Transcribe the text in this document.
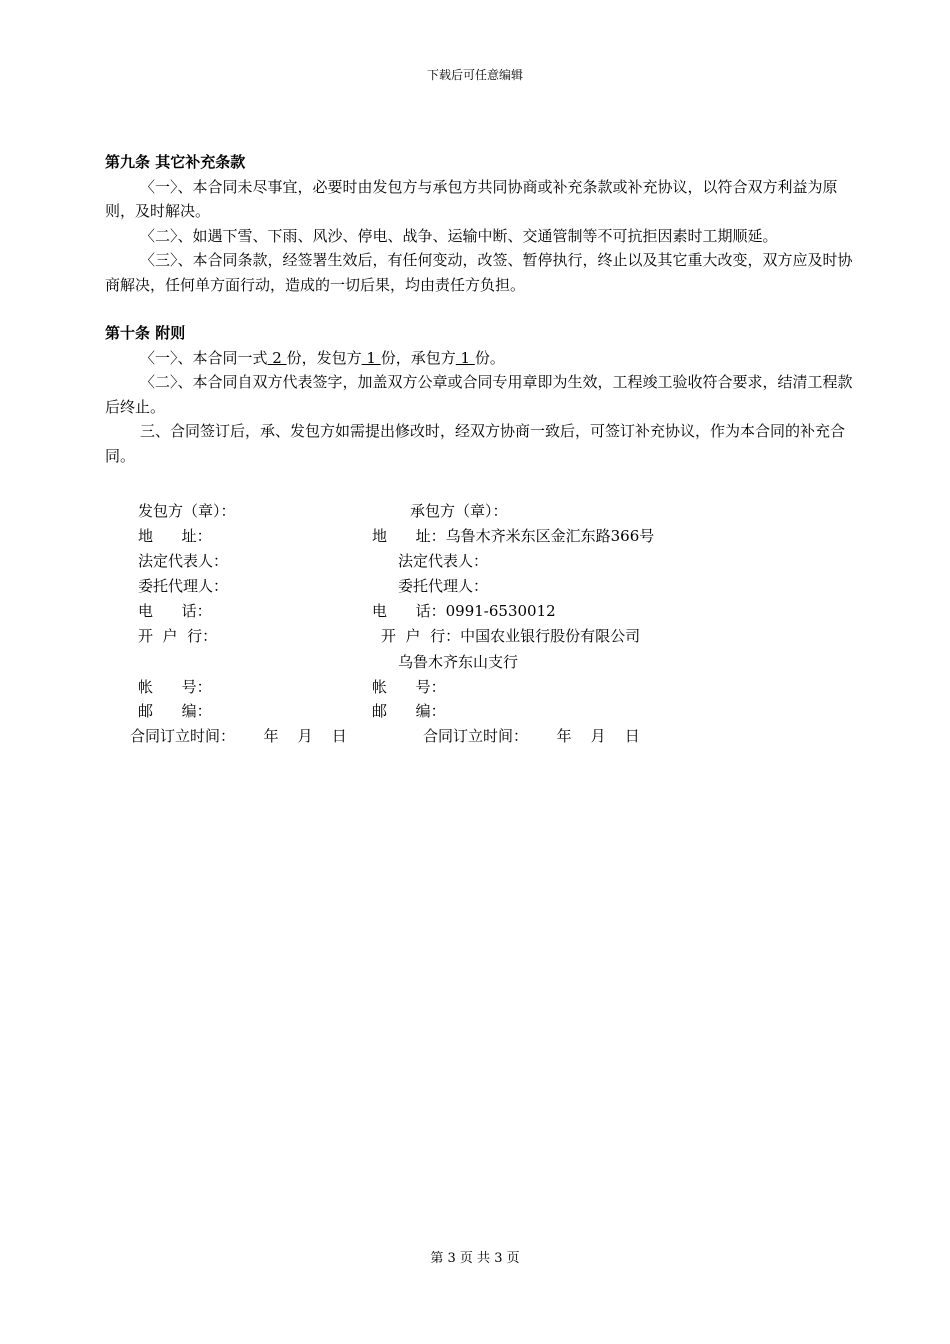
下载后可任意编辑

第九条 其它补充条款

〈一〉、本合同未尽事宜，必要时由发包方与承包方共同协商或补充条款或补充协议，以符合双方利益为原则，及时解决。

〈二〉、如遇下雪、下雨、风沙、停电、战争、运输中断、交通管制等不可抗拒因素时工期顺延。

〈三〉、本合同条款，经签署生效后，有任何变动，改签、暂停执行，终止以及其它重大改变，双方应及时协商解决，任何单方面行动，造成的一切后果，均由责任方负担。

第十条 附则

〈一〉、本合同一式 2 份，发包方 1 份，承包方 1 份。

〈二〉、本合同自双方代表签字，加盖双方公章或合同专用章即为生效，工程竣工验收符合要求，结清工程款后终止。

三、合同签订后，承、发包方如需提出修改时，经双方协商一致后，可签订补充协议，作为本合同的补充合同。

发包方（章）：	承包方（章）：
地      址：	地      址：乌鲁木齐米东区金汇东路366号
法定代表人：	法定代表人：
委托代理人：	委托代理人：
电      话：	电      话：0991-6530012
开  户  行：	开  户  行：中国农业银行股份有限公司
乌鲁木齐东山支行
帐      号：	帐      号：
邮      编：	邮      编：
合同订立时间：      年    月    日	合同订立时间：      年    月    日
第 3 页 共 3 页
